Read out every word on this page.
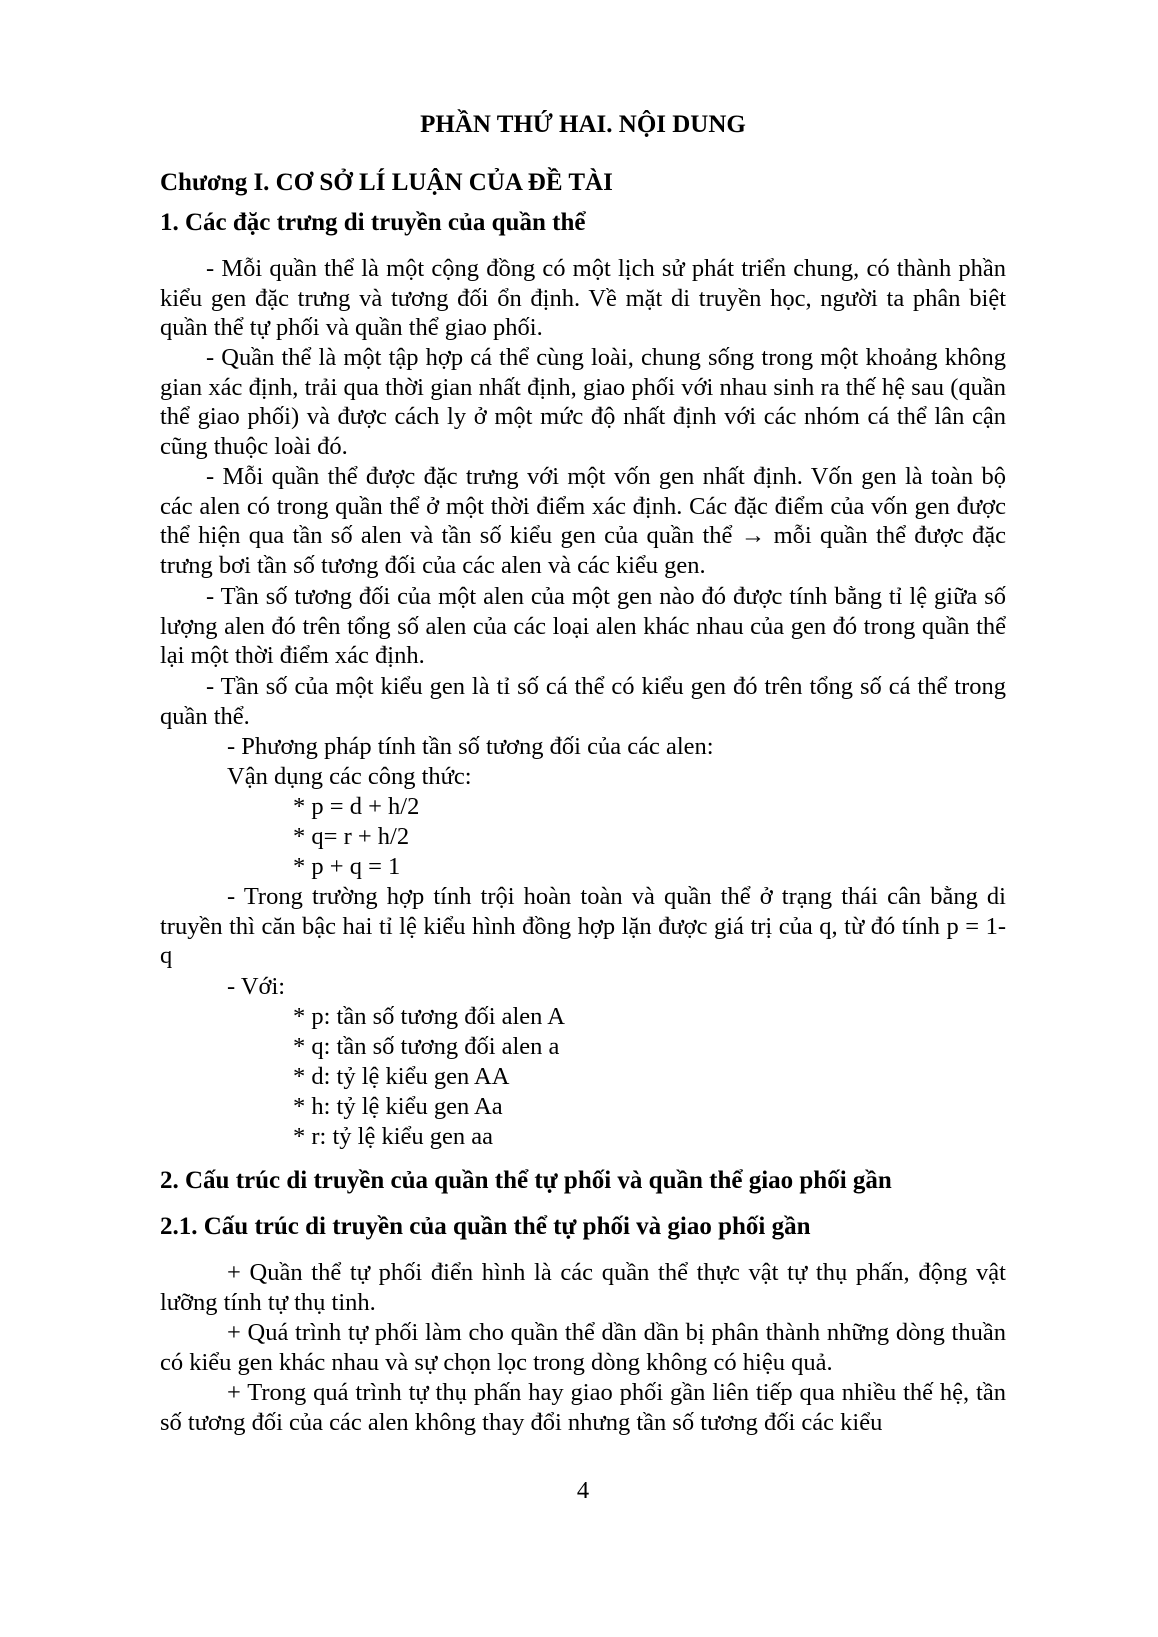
PHẦN THỨ HAI. NỘI DUNG
Chương I. CƠ SỞ LÍ LUẬN CỦA ĐỀ TÀI
1. Các đặc trưng di truyền của quần thể

- Mỗi quần thể là một cộng đồng có một lịch sử phát triển chung, có thành phần kiểu gen đặc trưng và tương đối ổn định. Về mặt di truyền học, người ta phân biệt quần thể tự phối và quần thể giao phối.

- Quần thể là một tập hợp cá thể cùng loài, chung sống trong một khoảng không gian xác định, trải qua thời gian nhất định, giao phối với nhau sinh ra thế hệ sau (quần thể giao phối) và được cách ly ở một mức độ nhất định với các nhóm cá thể lân cận cũng thuộc loài đó.

- Mỗi quần thể được đặc trưng với một vốn gen nhất định. Vốn gen là toàn bộ các alen có trong quần thể ở một thời điểm xác định. Các đặc điểm của vốn gen được thể hiện qua tần số alen và tần số kiểu gen của quần thể → mỗi quần thể được đặc trưng bơi tần số tương đối của các alen và các kiểu gen.

- Tần số tương đối của một alen của một gen nào đó được tính bằng tỉ lệ giữa số lượng alen đó trên tổng số alen của các loại alen khác nhau của gen đó trong quần thể lại một thời điểm xác định.

- Tần số của một kiểu gen là tỉ số cá thể có kiểu gen đó trên tổng số cá thể trong quần thể.

- Phương pháp tính tần số tương đối của các alen:

Vận dụng các công thức:

* p = d + h/2

* q= r + h/2

* p + q = 1

- Trong trường hợp tính trội hoàn toàn và quần thể ở trạng thái cân bằng di truyền thì căn bậc hai tỉ lệ kiểu hình đồng hợp lặn được giá trị của q, từ đó tính p = 1-q

- Với:

* p: tần số tương đối alen A

* q: tần số tương đối alen a

* d: tỷ lệ kiểu gen AA

* h: tỷ lệ kiểu gen Aa

* r: tỷ lệ kiểu gen aa

2. Cấu trúc di truyền của quần thể tự phối và quần thể giao phối gần
2.1. Cấu trúc di truyền của quần thể tự phối và giao phối gần

+ Quần thể tự phối điển hình là các quần thể thực vật tự thụ phấn, động vật lưỡng tính tự thụ tinh.

+ Quá trình tự phối làm cho quần thể dần dần bị phân thành những dòng thuần có kiểu gen khác nhau và sự chọn lọc trong dòng không có hiệu quả.

+ Trong quá trình tự thụ phấn hay giao phối gần liên tiếp qua nhiều thế hệ, tần số tương đối của các alen không thay đổi nhưng tần số tương đối các kiểu

4
